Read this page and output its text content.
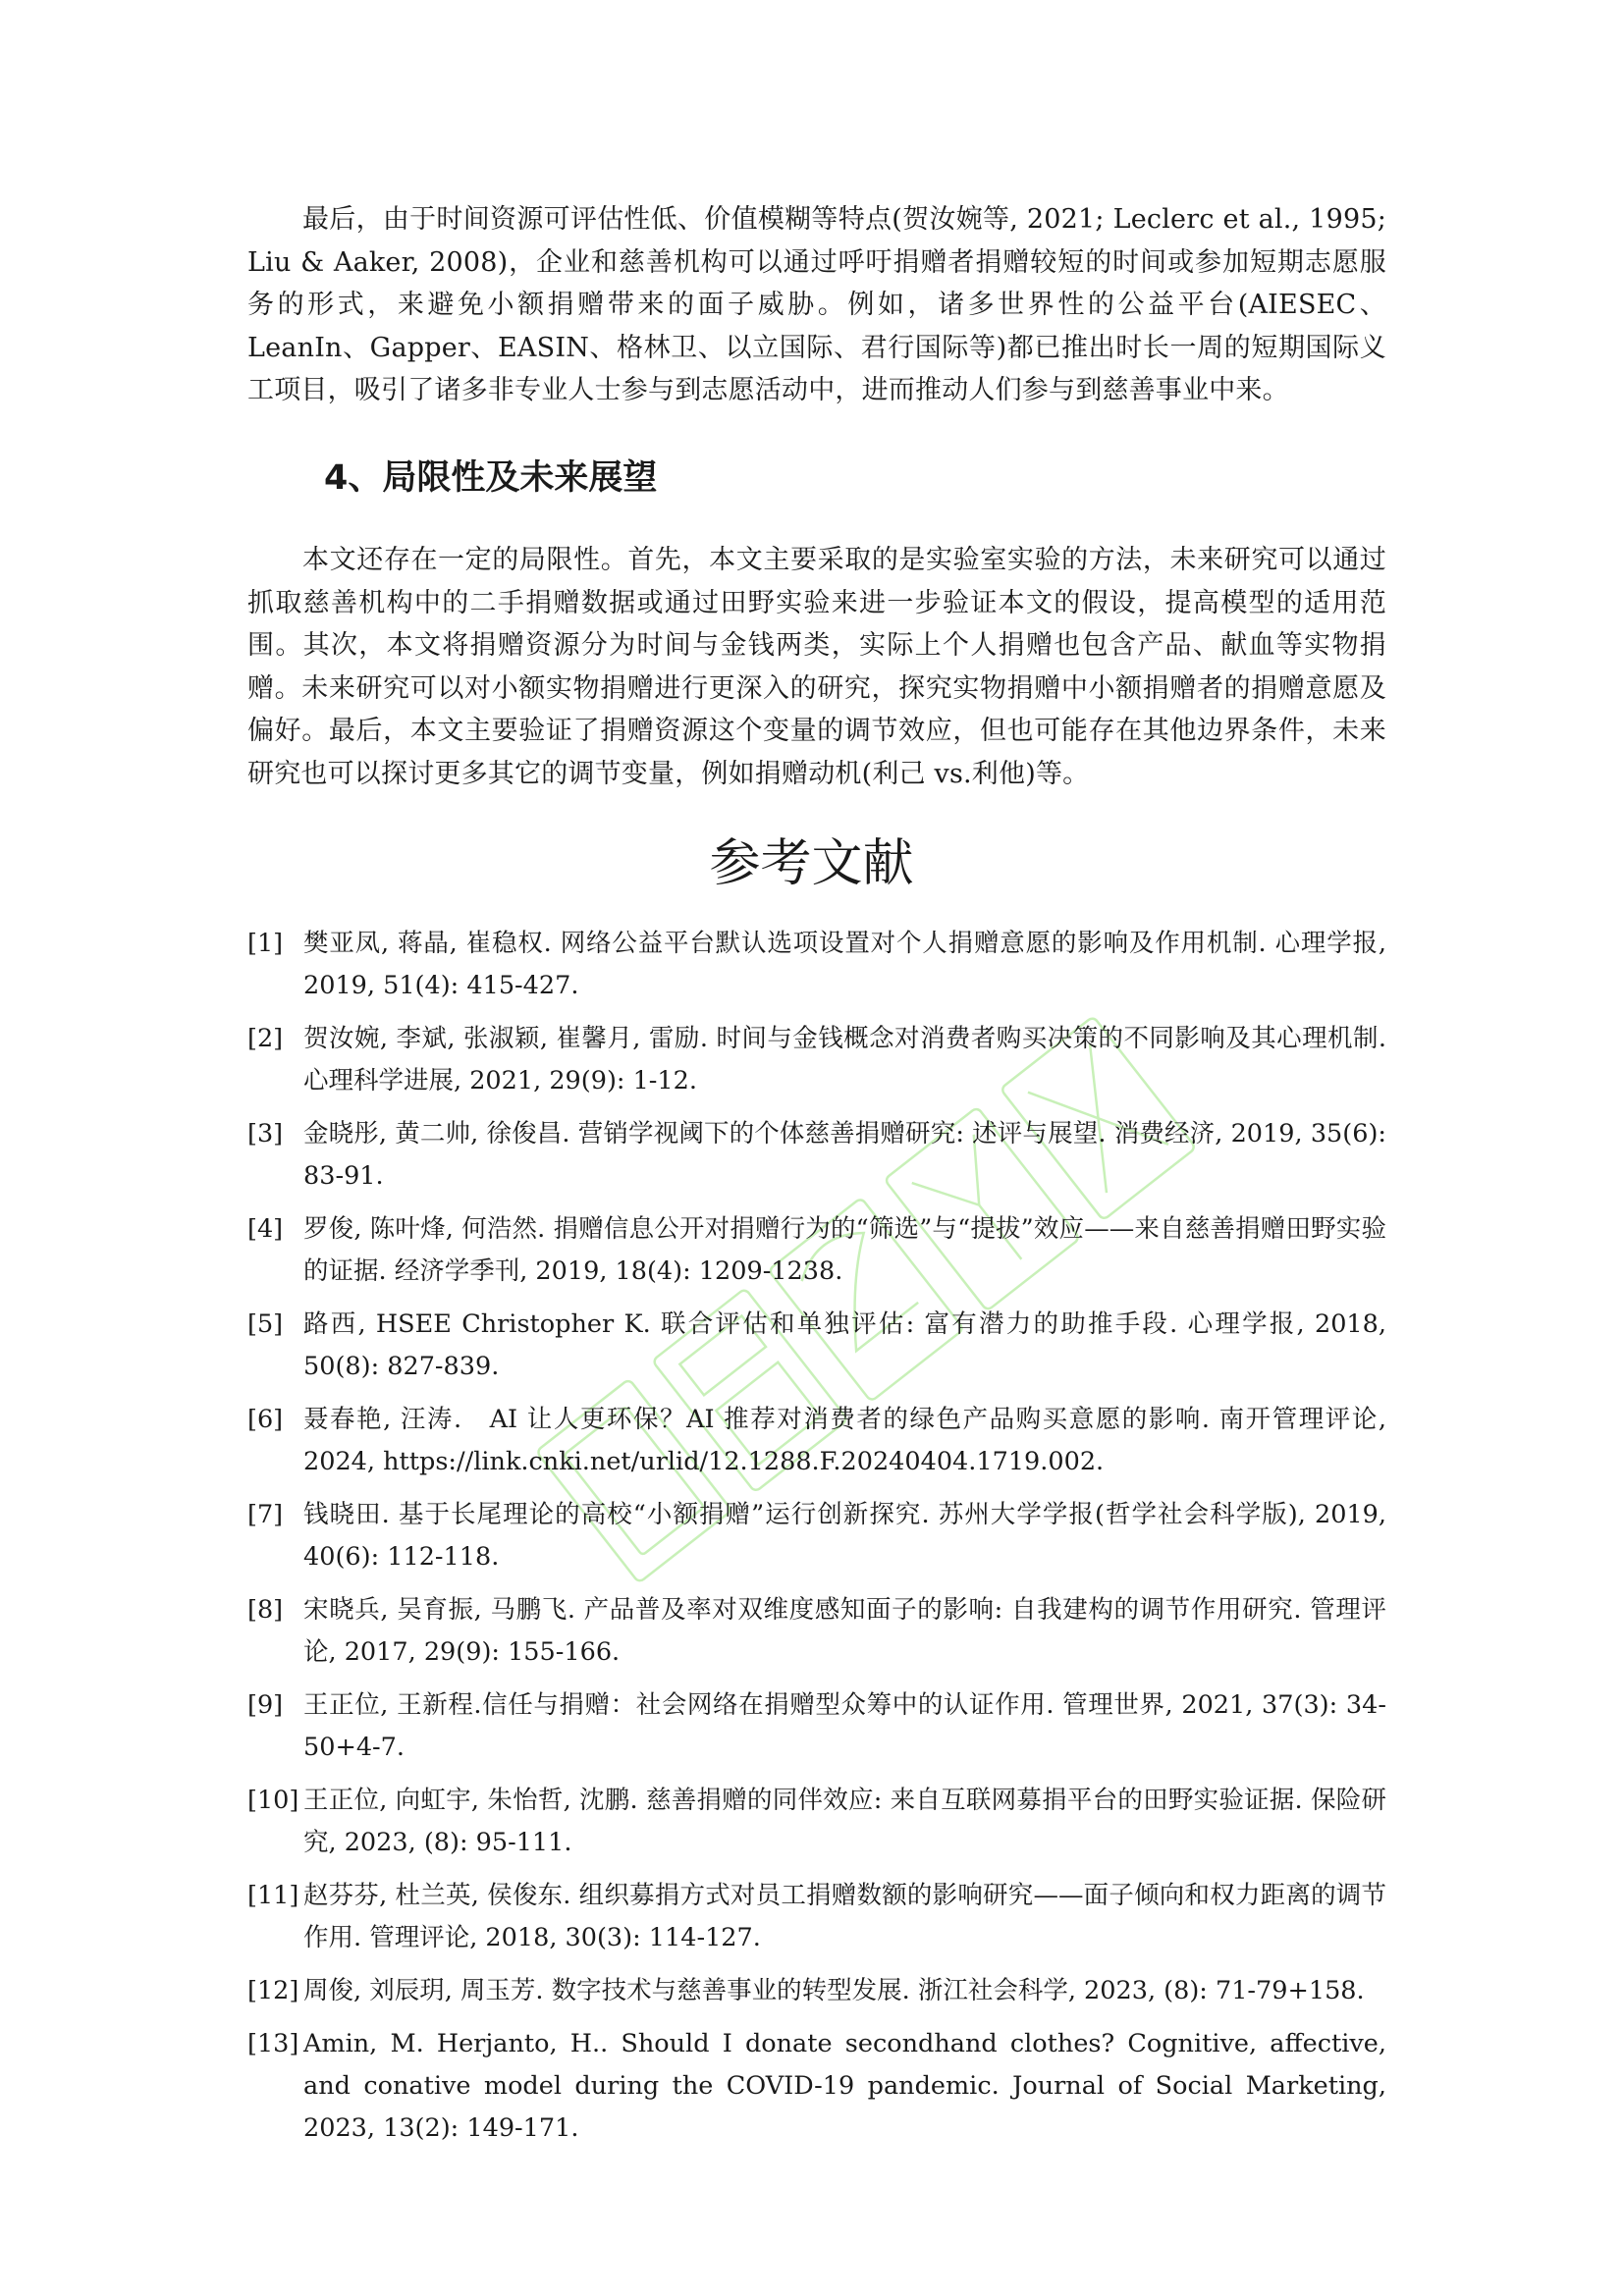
最后，由于时间资源可评估性低、价值模糊等特点(贺汝婉等, 2021; Leclerc et al., 1995; Liu & Aaker, 2008)，企业和慈善机构可以通过呼吁捐赠者捐赠较短的时间或参加短期志愿服务的形式，来避免小额捐赠带来的面子威胁。例如，诸多世界性的公益平台(AIESEC、LeanIn、Gapper、EASIN、格林卫、以立国际、君行国际等)都已推出时长一周的短期国际义工项目，吸引了诸多非专业人士参与到志愿活动中，进而推动人们参与到慈善事业中来。

4、局限性及未来展望

本文还存在一定的局限性。首先，本文主要采取的是实验室实验的方法，未来研究可以通过抓取慈善机构中的二手捐赠数据或通过田野实验来进一步验证本文的假设，提高模型的适用范围。其次，本文将捐赠资源分为时间与金钱两类，实际上个人捐赠也包含产品、献血等实物捐赠。未来研究可以对小额实物捐赠进行更深入的研究，探究实物捐赠中小额捐赠者的捐赠意愿及偏好。最后，本文主要验证了捐赠资源这个变量的调节效应，但也可能存在其他边界条件，未来研究也可以探讨更多其它的调节变量，例如捐赠动机(利己 vs.利他)等。

参考文献
[1] 樊亚凤, 蒋晶, 崔稳权. 网络公益平台默认选项设置对个人捐赠意愿的影响及作用机制. 心理学报, 2019, 51(4): 415-427.
[2] 贺汝婉, 李斌, 张淑颖, 崔馨月, 雷励. 时间与金钱概念对消费者购买决策的不同影响及其心理机制. 心理科学进展, 2021, 29(9): 1-12.
[3] 金晓彤, 黄二帅, 徐俊昌. 营销学视阈下的个体慈善捐赠研究: 述评与展望. 消费经济, 2019, 35(6): 83-91.
[4] 罗俊, 陈叶烽, 何浩然. 捐赠信息公开对捐赠行为的“筛选”与“提拔”效应——来自慈善捐赠田野实验的证据. 经济学季刊, 2019, 18(4): 1209-1238.
[5] 路西, HSEE Christopher K. 联合评估和单独评估: 富有潜力的助推手段. 心理学报, 2018, 50(8): 827-839.
[6] 聂春艳, 汪涛.　AI 让人更环保？AI 推荐对消费者的绿色产品购买意愿的影响. 南开管理评论, 2024, https://link.cnki.net/urlid/12.1288.F.20240404.1719.002.
[7] 钱晓田. 基于长尾理论的高校“小额捐赠”运行创新探究. 苏州大学学报(哲学社会科学版), 2019, 40(6): 112-118.
[8] 宋晓兵, 吴育振, 马鹏飞. 产品普及率对双维度感知面子的影响: 自我建构的调节作用研究. 管理评论, 2017, 29(9): 155-166.
[9] 王正位, 王新程.信任与捐赠：社会网络在捐赠型众筹中的认证作用. 管理世界, 2021, 37(3): 34-50+4-7.
[10] 王正位, 向虹宇, 朱怡哲, 沈鹏. 慈善捐赠的同伴效应: 来自互联网募捐平台的田野实验证据. 保险研究, 2023, (8): 95-111.
[11] 赵芬芬, 杜兰英, 侯俊东. 组织募捐方式对员工捐赠数额的影响研究——面子倾向和权力距离的调节作用. 管理评论, 2018, 30(3): 114-127.
[12] 周俊, 刘辰玥, 周玉芳. 数字技术与慈善事业的转型发展. 浙江社会科学, 2023, (8): 71-79+158.
[13] Amin, M. Herjanto, H.. Should I donate secondhand clothes? Cognitive, affective, and conative model during the COVID-19 pandemic. Journal of Social Marketing, 2023, 13(2): 149-171.
